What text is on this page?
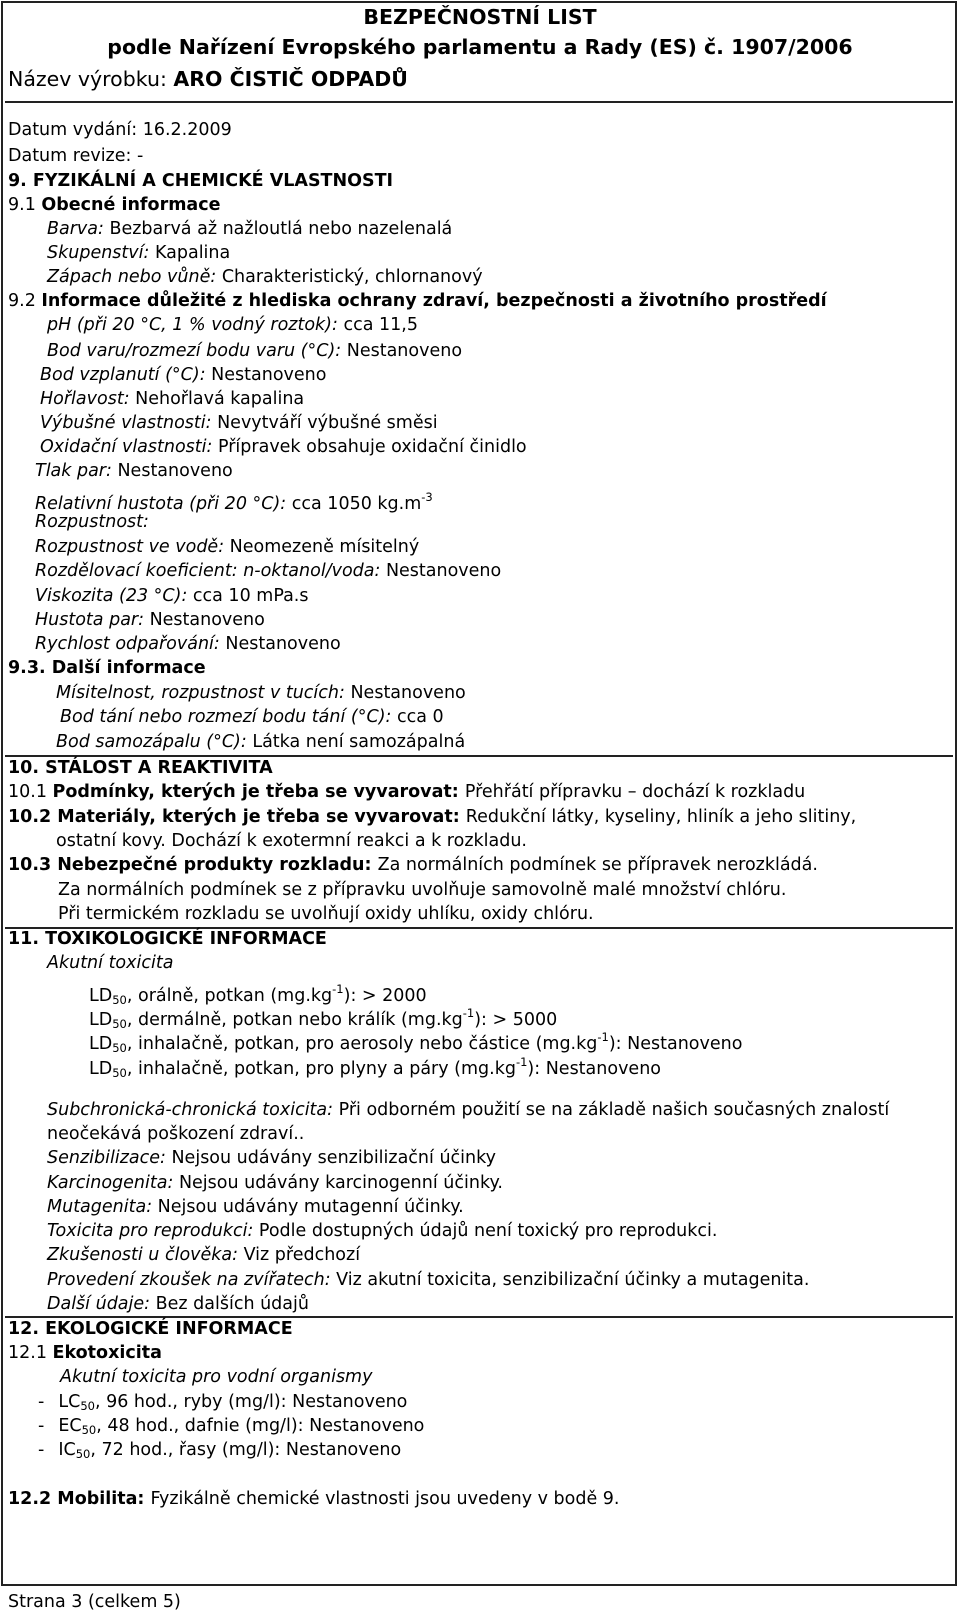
BEZPEČNOSTNÍ LIST
podle Nařízení Evropského parlamentu a Rady (ES) č. 1907/2006
Název výrobku: ARO ČISTIČ ODPADŮ
Datum vydání: 16.2.2009
Datum revize: -
9. FYZIKÁLNÍ A CHEMICKÉ VLASTNOSTI
9.1 Obecné informace
Barva: Bezbarvá až nažloutlá nebo nazelenalá
Skupenství: Kapalina
Zápach nebo vůně: Charakteristický, chlornanový
9.2 Informace důležité z hlediska ochrany zdraví, bezpečnosti a životního prostředí
pH (při 20 °C, 1 % vodný roztok): cca 11,5
Bod varu/rozmezí bodu varu (°C): Nestanoveno
Bod vzplanutí (°C): Nestanoveno
Hořlavost: Nehořlavá kapalina
Výbušné vlastnosti: Nevytváří výbušné směsi
Oxidační vlastnosti: Přípravek obsahuje oxidační činidlo
Tlak par: Nestanoveno
Relativní hustota (při 20 °C): cca 1050 $kg.m^{-3}$
Rozpustnost:
Rozpustnost ve vodě: Neomezeně mísitelný
Rozdělovací koeficient: n-oktanol/voda: Nestanoveno
Viskozita (23 °C): cca 10 mPa.s
Hustota par: Nestanoveno
Rychlost odpařování: Nestanoveno
9.3. Další informace
Mísitelnost, rozpustnost v tucích: Nestanoveno
Bod tání nebo rozmezí bodu tání (°C): cca 0
Bod samozápalu (°C): Látka není samozápalná
10. STÁLOST A REAKTIVITA
10.1 Podmínky, kterých je třeba se vyvarovat: Přehřátí přípravku – dochází k rozkladu
10.2 Materiály, kterých je třeba se vyvarovat: Redukční látky, kyseliny, hliník a jeho slitiny,
ostatní kovy. Dochází k exotermní reakci a k rozkladu.
10.3 Nebezpečné produkty rozkladu: Za normálních podmínek se přípravek nerozkládá.
Za normálních podmínek se z přípravku uvolňuje samovolně malé množství chlóru.
Při termickém rozkladu se uvolňují oxidy uhlíku, oxidy chlóru.
11. TOXIKOLOGICKÉ INFORMACE
Akutní toxicita
$LD_{50}$, orálně, potkan $(mg.kg^{-1})$: > 2000
$LD_{50}$, dermálně, potkan nebo králík $(mg.kg^{-1})$: > 5000
$LD_{50}$, inhalačně, potkan, pro aerosoly nebo částice $(mg.kg^{-1})$: Nestanoveno
$LD_{50}$, inhalačně, potkan, pro plyny a páry $(mg.kg^{-1})$: Nestanoveno
Subchronická-chronická toxicita: Při odborném použití se na základě našich současných znalostí
neočekává poškození zdraví..
Senzibilizace: Nejsou udávány senzibilizační účinky
Karcinogenita: Nejsou udávány karcinogenní účinky.
Mutagenita: Nejsou udávány mutagenní účinky.
Toxicita pro reprodukci: Podle dostupných údajů není toxický pro reprodukci.
Zkušenosti u člověka: Viz předchozí
Provedení zkoušek na zvířatech: Viz akutní toxicita, senzibilizační účinky a mutagenita.
Další údaje: Bez dalších údajů
12. EKOLOGICKÉ INFORMACE
12.1 Ekotoxicita
Akutní toxicita pro vodní organismy
- $LC_{50}$, 96 hod., ryby (mg/l): Nestanoveno
- $EC_{50}$, 48 hod., dafnie (mg/l): Nestanoveno
- $IC_{50}$, 72 hod., řasy (mg/l): Nestanoveno
12.2 Mobilita: Fyzikálně chemické vlastnosti jsou uvedeny v bodě 9.
Strana 3 (celkem 5)
